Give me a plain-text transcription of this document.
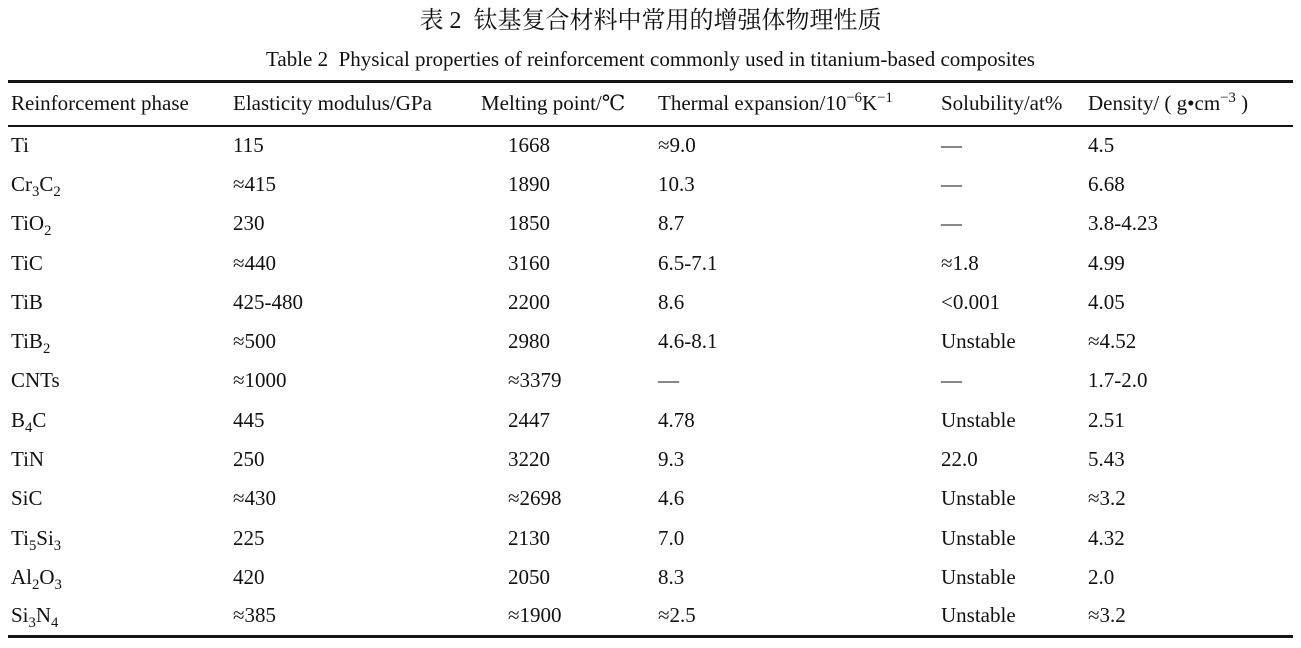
表 2  钛基复合材料中常用的增强体物理性质
Table 2  Physical properties of reinforcement commonly used in titanium-based composites
Reinforcement phase	Elasticity modulus/GPa	Melting point/℃	Thermal expansion/$10^{-6}K^{-1}$	Solubility/at%	Density/ ( $g•cm^{-3}$ )
Ti	115	1668	≈9.0	—	4.5
$Cr_3C_2$	≈415	1890	10.3	—	6.68
TiO$_2$	230	1850	8.7	—	3.8-4.23
TiC	≈440	3160	6.5-7.1	≈1.8	4.99
TiB	425-480	2200	8.6	<0.001	4.05
TiB$_2$	≈500	2980	4.6-8.1	Unstable	≈4.52
CNTs	≈1000	≈3379	—	—	1.7-2.0
$B_4C$	445	2447	4.78	Unstable	2.51
TiN	250	3220	9.3	22.0	5.43
SiC	≈430	≈2698	4.6	Unstable	≈3.2
$Ti_5Si_3$	225	2130	7.0	Unstable	4.32
$Al_2O_3$	420	2050	8.3	Unstable	2.0
$Si_3N_4$	≈385	≈1900	≈2.5	Unstable	≈3.2
